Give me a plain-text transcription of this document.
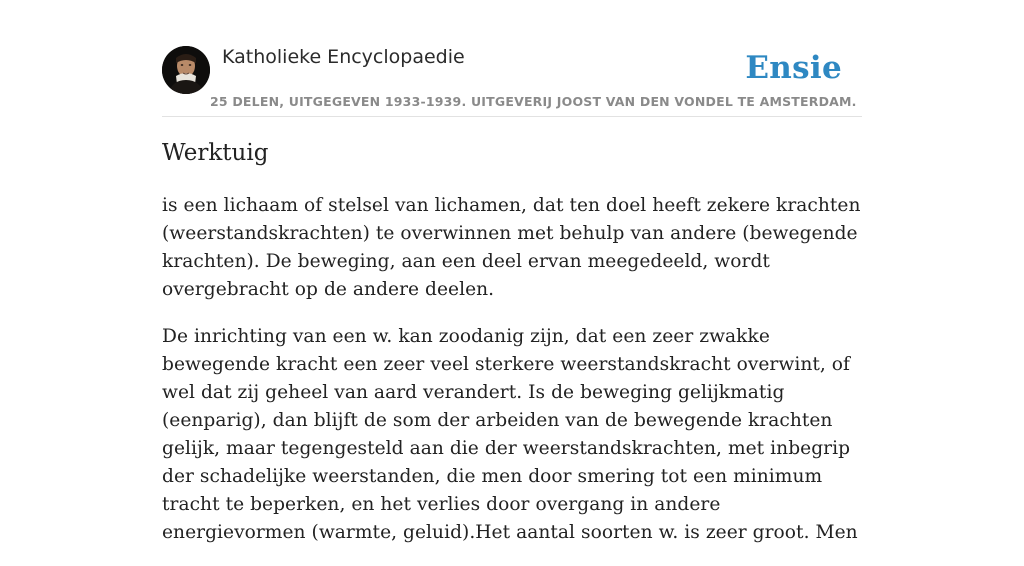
Katholieke Encyclopaedie
25 DELEN, UITGEGEVEN 1933-1939. UITGEVERIJ JOOST VAN DEN VONDEL TE AMSTERDAM.
Ensie
Werktuig

is een lichaam of stelsel van lichamen, dat ten doel heeft zekere krachten (weerstandskrachten) te overwinnen met behulp van andere (bewegende krachten). De beweging, aan een deel ervan meegedeeld, wordt overgebracht op de andere deelen.

De inrichting van een w. kan zoodanig zijn, dat een zeer zwakke bewegende kracht een zeer veel sterkere weerstandskracht overwint, of wel dat zij geheel van aard verandert. Is de beweging gelijkmatig (eenparig), dan blijft de som der arbeiden van de bewegende krachten gelijk, maar tegengesteld aan die der weerstandskrachten, met inbegrip der schadelijke weerstanden, die men door smering tot een minimum tracht te beperken, en het verlies door overgang in andere energievormen (warmte, geluid).Het aantal soorten w. is zeer groot. Men
